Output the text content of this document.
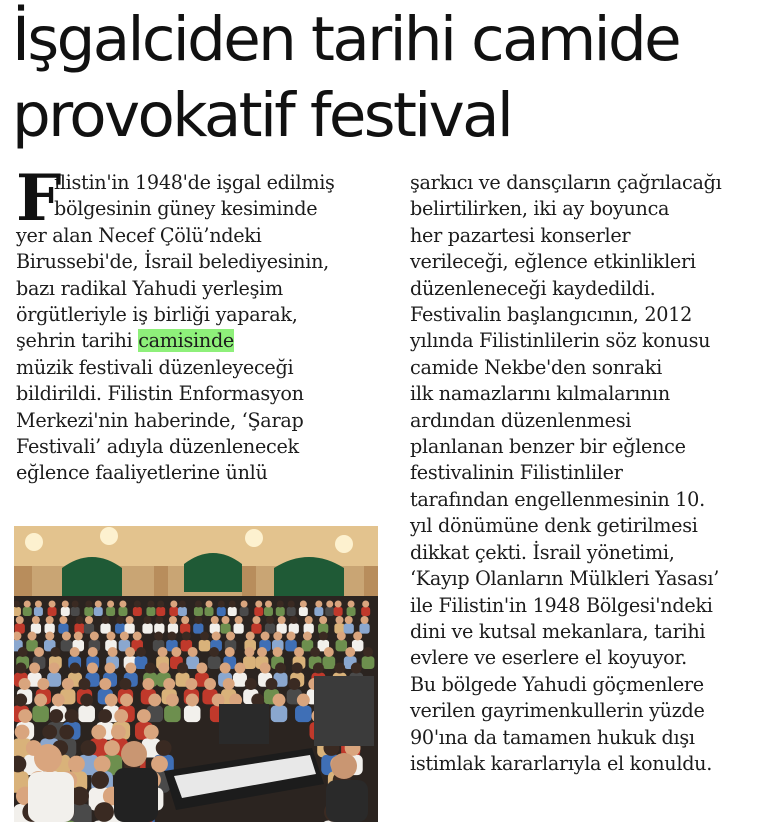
İşgalciden tarihi camide
provokatif festival
F
ilistin'in 1948'de işgal edilmiş
bölgesinin güney kesiminde
yer alan Necef Çölü’ndeki
Birussebi'de, İsrail belediyesinin,
bazı radikal Yahudi yerleşim
örgütleriyle iş birliği yaparak,
şehrin tarihi camisinde
müzik festivali düzenleyeceği
bildirildi. Filistin Enformasyon
Merkezi'nin haberinde, ‘Şarap
Festivali’ adıyla düzenlenecek
eğlence faaliyetlerine ünlü
şarkıcı ve dansçıların çağrılacağı
belirtilirken, iki ay boyunca
her pazartesi konserler
verileceği, eğlence etkinlikleri
düzenleneceği kaydedildi.
Festivalin başlangıcının, 2012
yılında Filistinlilerin söz konusu
camide Nekbe'den sonraki
ilk namazlarını kılmalarının
ardından düzenlenmesi
planlanan benzer bir eğlence
festivalinin Filistinliler
tarafından engellenmesinin 10.
yıl dönümüne denk getirilmesi
dikkat çekti. İsrail yönetimi,
‘Kayıp Olanların Mülkleri Yasası’
ile Filistin'in 1948 Bölgesi'ndeki
dini ve kutsal mekanlara, tarihi
evlere ve eserlere el koyuyor.
Bu bölgede Yahudi göçmenlere
verilen gayrimenkullerin yüzde
90'ına da tamamen hukuk dışı
istimlak kararlarıyla el konuldu.
